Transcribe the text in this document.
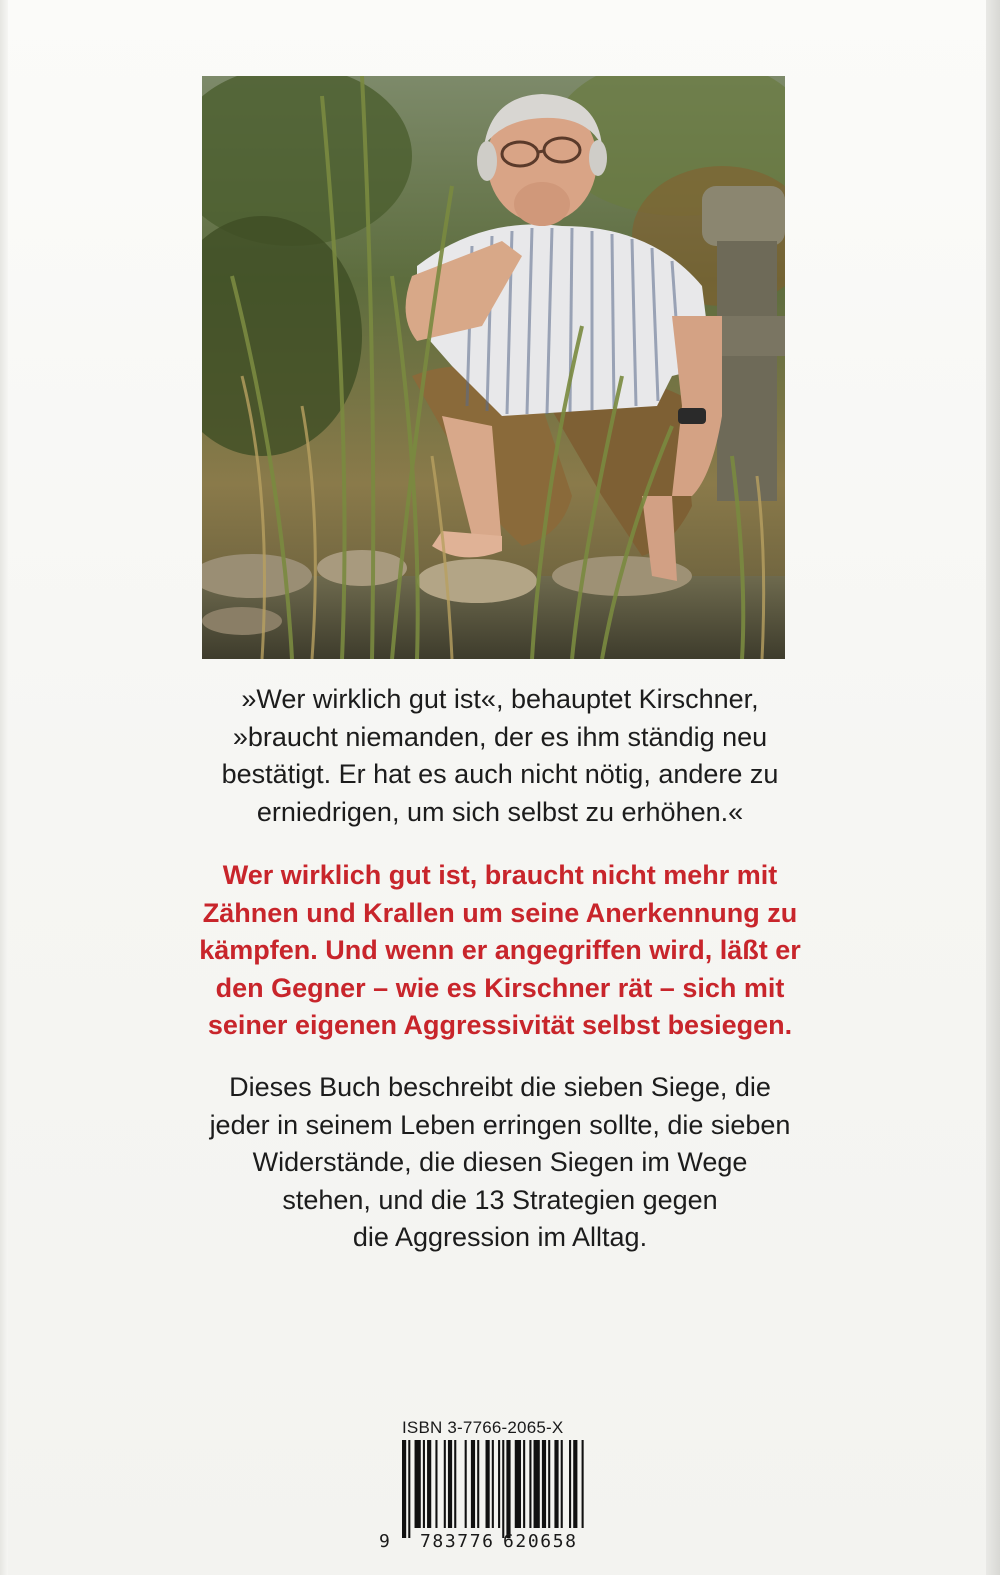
»Wer wirklich gut ist«, behauptet Kirschner,
»braucht niemanden, der es ihm ständig neu
bestätigt. Er hat es auch nicht nötig, andere zu
erniedrigen, um sich selbst zu erhöhen.«

Wer wirklich gut ist, braucht nicht mehr mit
Zähnen und Krallen um seine Anerkennung zu
kämpfen. Und wenn er angegriffen wird, läßt er
den Gegner – wie es Kirschner rät – sich mit
seiner eigenen Aggressivität selbst besiegen.

Dieses Buch beschreibt die sieben Siege, die
jeder in seinem Leben erringen sollte, die sieben
Widerstände, die diesen Siegen im Wege
stehen, und die 13 Strategien gegen
die Aggression im Alltag.

ISBN 3-7766-2065-X
9 783776 620658
